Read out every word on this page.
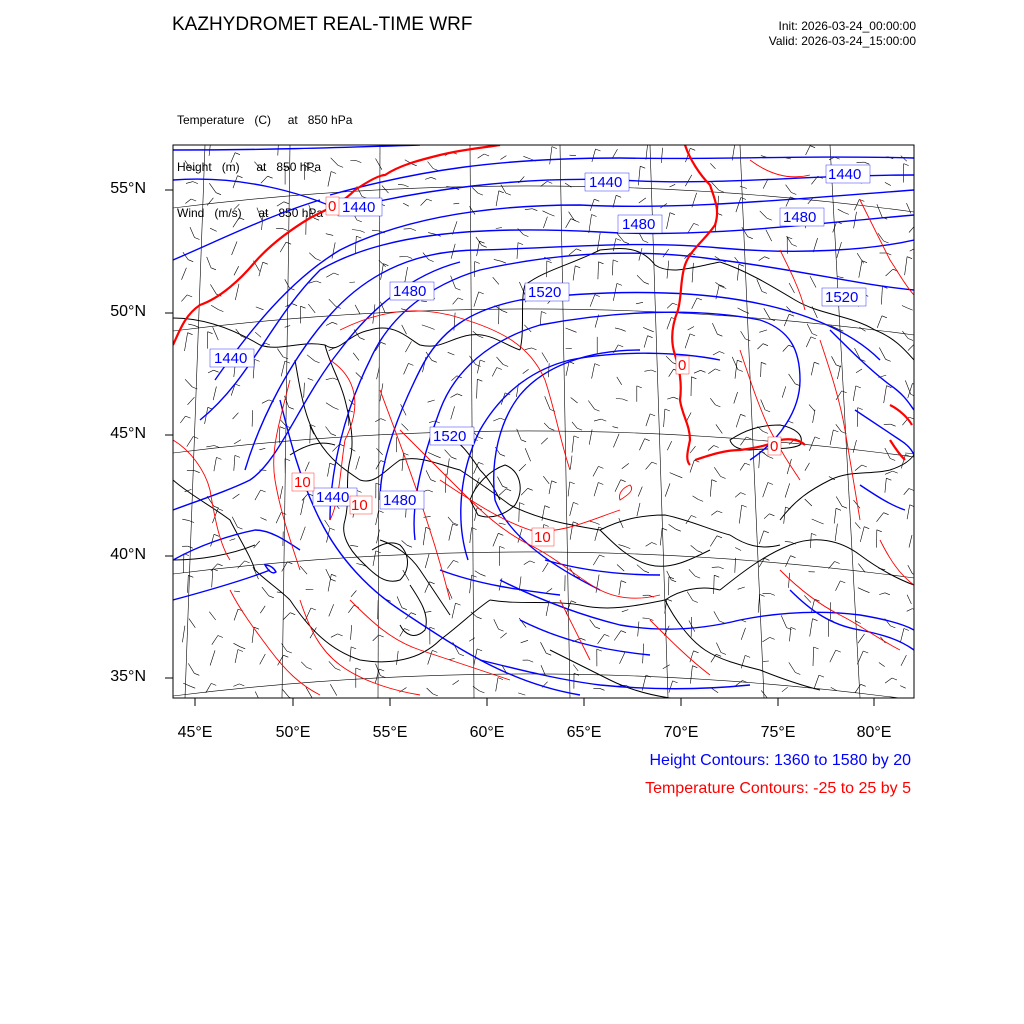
KAZHYDROMET REAL-TIME WRF	Init: 2026-03-24_00:00:00
Valid: 2026-03-24_15:00:00

Temperature   (C)     at   850 hPa

Height   (m)     at   850 hPa

Wind   (m/s)     at   850 hPa	1440
1440
1480
1440
1480
1520
1440
1480	1520
1440 1480
1520
0
10
10
10
0
0
55°N
50°N
45°N
40°N
35°N
45°E	50°E	55°E	60°E	65°E	70°E	75°E	80°E
Height Contours: 1360 to 1580 by 20
Temperature Contours: -25 to 25 by 5
